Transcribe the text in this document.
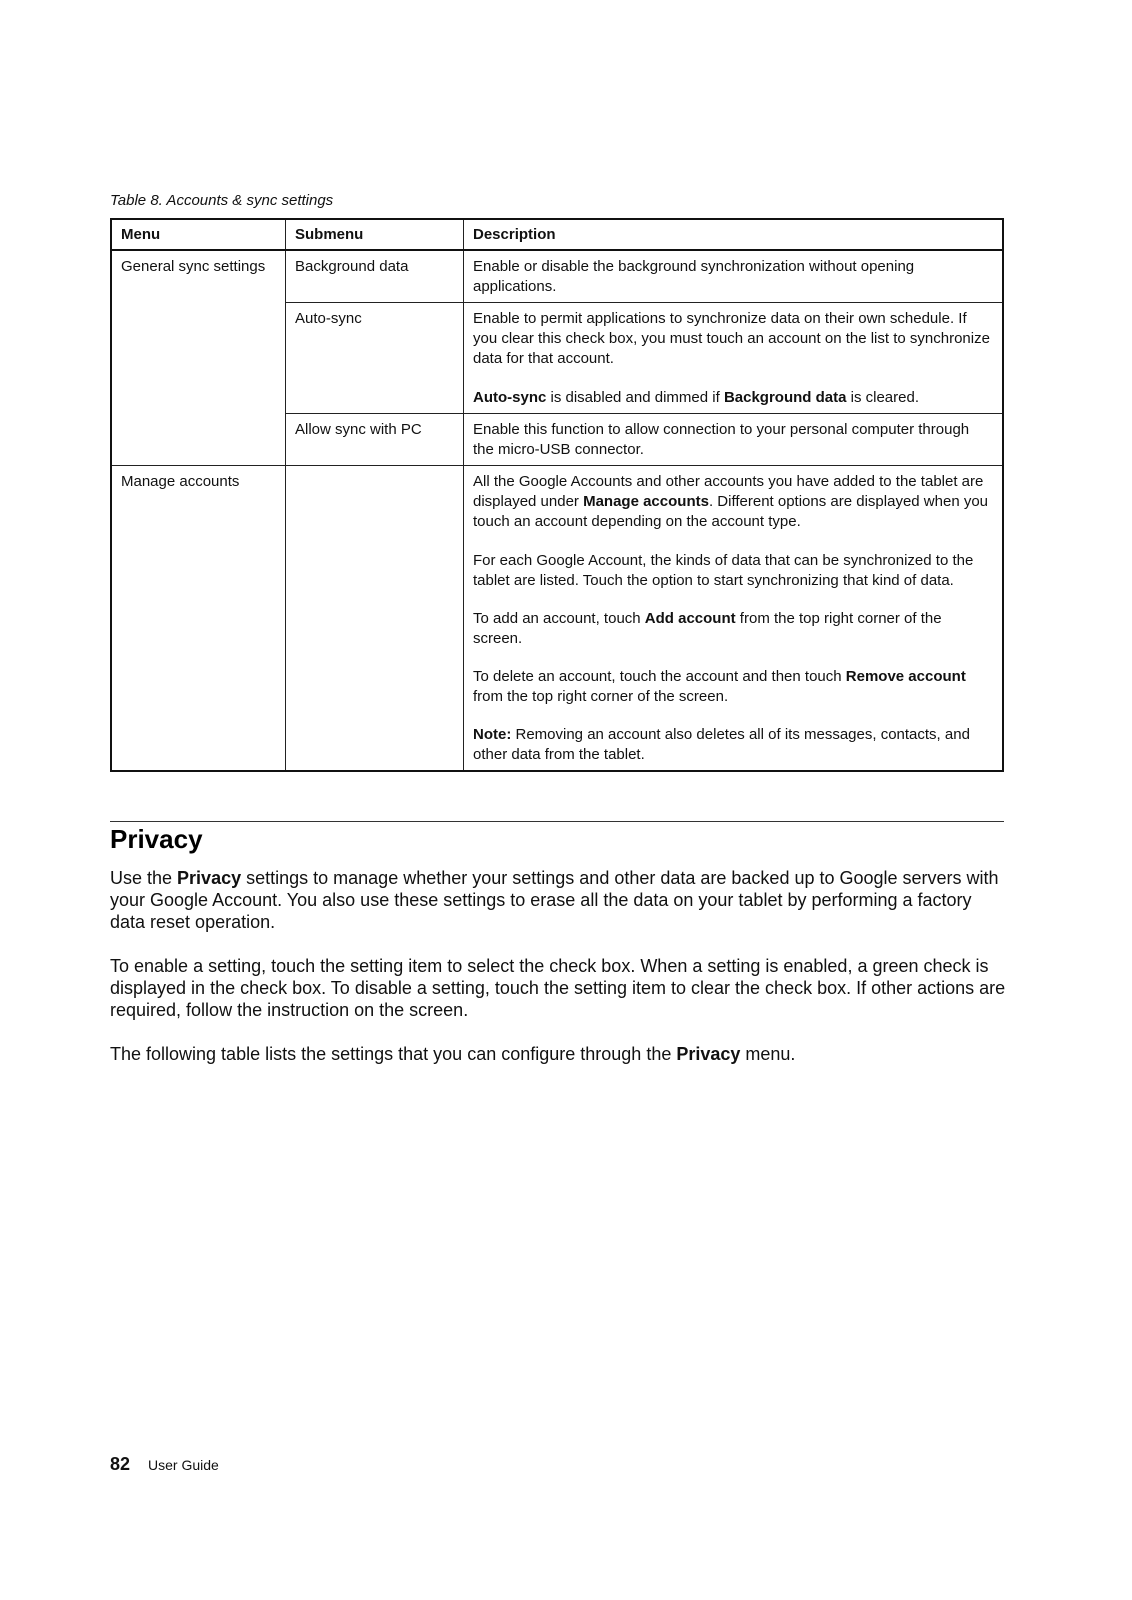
Table 8. Accounts & sync settings
Menu	Submenu	Description
General sync settings	Background data	Enable or disable the background synchronization without opening applications.
	Auto-sync	Enable to permit applications to synchronize data on their own schedule. If you clear this check box, you must touch an account on the list to synchronize data for that account.
Auto-sync is disabled and dimmed if Background data is cleared.

	Allow sync with PC	Enable this function to allow connection to your personal computer through the micro-USB connector.
Manage accounts		All the Google Accounts and other accounts you have added to the tablet are displayed under Manage accounts. Different options are displayed when you touch an account depending on the account type.
For each Google Account, the kinds of data that can be synchronized to the tablet are listed. Touch the option to start synchronizing that kind of data.
To add an account, touch Add account from the top right corner of the screen.
To delete an account, touch the account and then touch Remove account from the top right corner of the screen.
Note: Removing an account also deletes all of its messages, contacts, and other data from the tablet.
Privacy

Use the Privacy settings to manage whether your settings and other data are backed up to Google servers with your Google Account. You also use these settings to erase all the data on your tablet by performing a factory data reset operation.

To enable a setting, touch the setting item to select the check box. When a setting is enabled, a green check is displayed in the check box. To disable a setting, touch the setting item to clear the check box. If other actions are required, follow the instruction on the screen.

The following table lists the settings that you can configure through the Privacy menu.

82 User Guide
